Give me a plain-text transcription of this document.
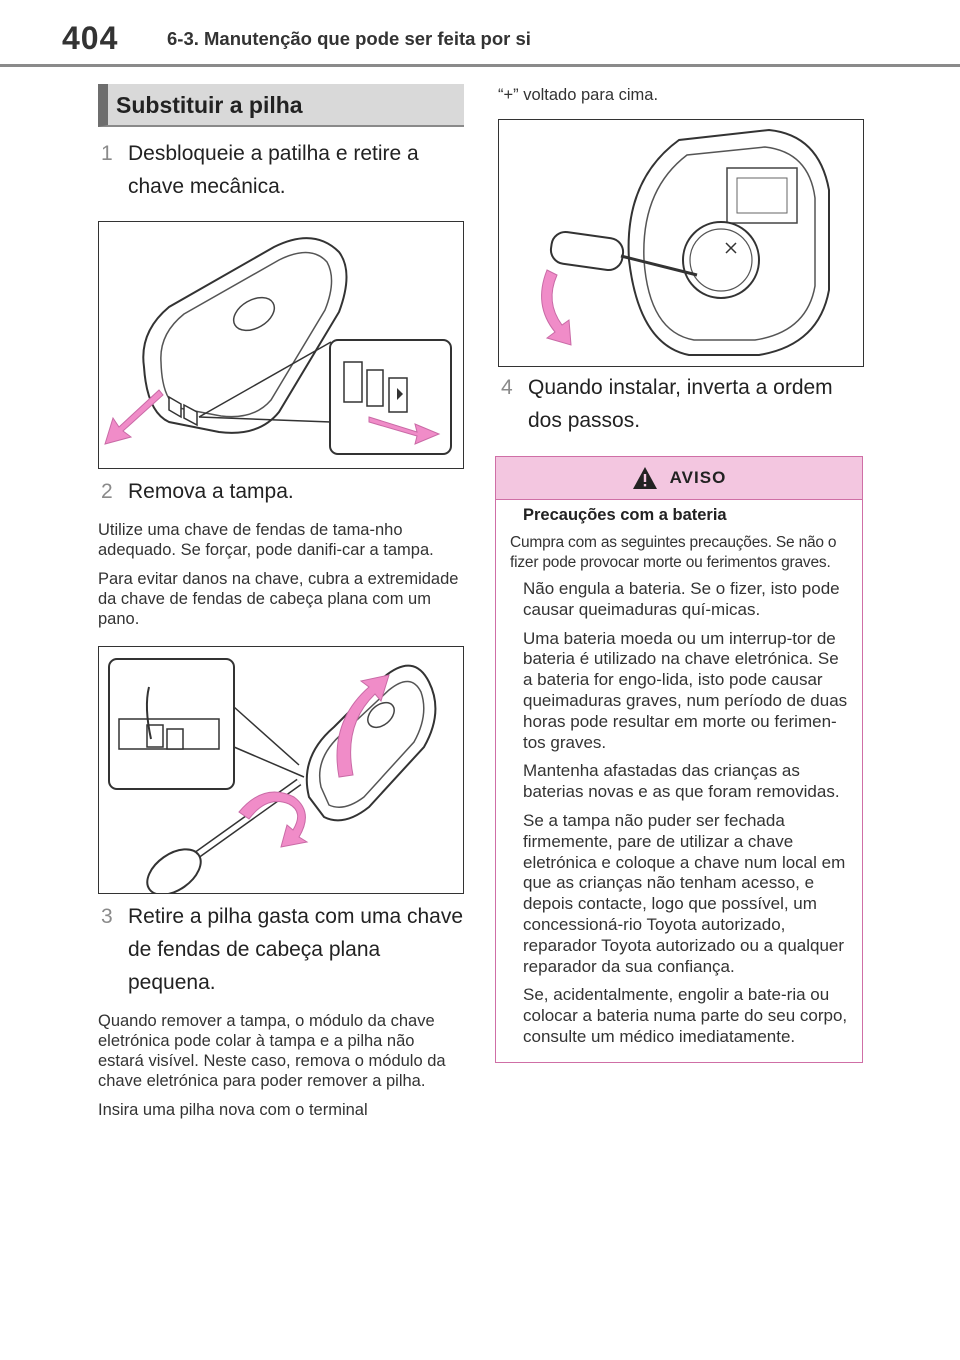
404	6-3. Manutenção que pode ser feita por si
Substituir a pilha
1 Desbloqueie a patilha e retire a chave mecânica.
2 Remova a tampa.

Utilize uma chave de fendas de tama-nho adequado. Se forçar, pode danifi-car a tampa.

Para evitar danos na chave, cubra a extremidade da chave de fendas de cabeça plana com um pano.

3 Retire a pilha gasta com uma chave de fendas de cabeça plana pequena.

Quando remover a tampa, o módulo da chave eletrónica pode colar à tampa e a pilha não estará visível. Neste caso, remova o módulo da chave eletrónica para poder remover a pilha.

Insira uma pilha nova com o terminal

“+” voltado para cima.

4 Quando instalar, inverta a ordem dos passos.
AVISO

Precauções com a bateria

Cumpra com as seguintes precauções. Se não o fizer pode provocar morte ou ferimentos graves.

Não engula a bateria. Se o fizer, isto pode causar queimaduras quí-micas.

Uma bateria moeda ou um interrup-tor de bateria é utilizado na chave eletrónica. Se a bateria for engo-lida, isto pode causar queimaduras graves, num período de duas horas pode resultar em morte ou ferimen-tos graves.

Mantenha afastadas das crianças as baterias novas e as que foram removidas.

Se a tampa não puder ser fechada firmemente, pare de utilizar a chave eletrónica e coloque a chave num local em que as crianças não tenham acesso, e depois contacte, logo que possível, um concessioná-rio Toyota autorizado, reparador Toyota autorizado ou a qualquer reparador da sua confiança.

Se, acidentalmente, engolir a bate-ria ou colocar a bateria numa parte do seu corpo, consulte um médico imediatamente.
